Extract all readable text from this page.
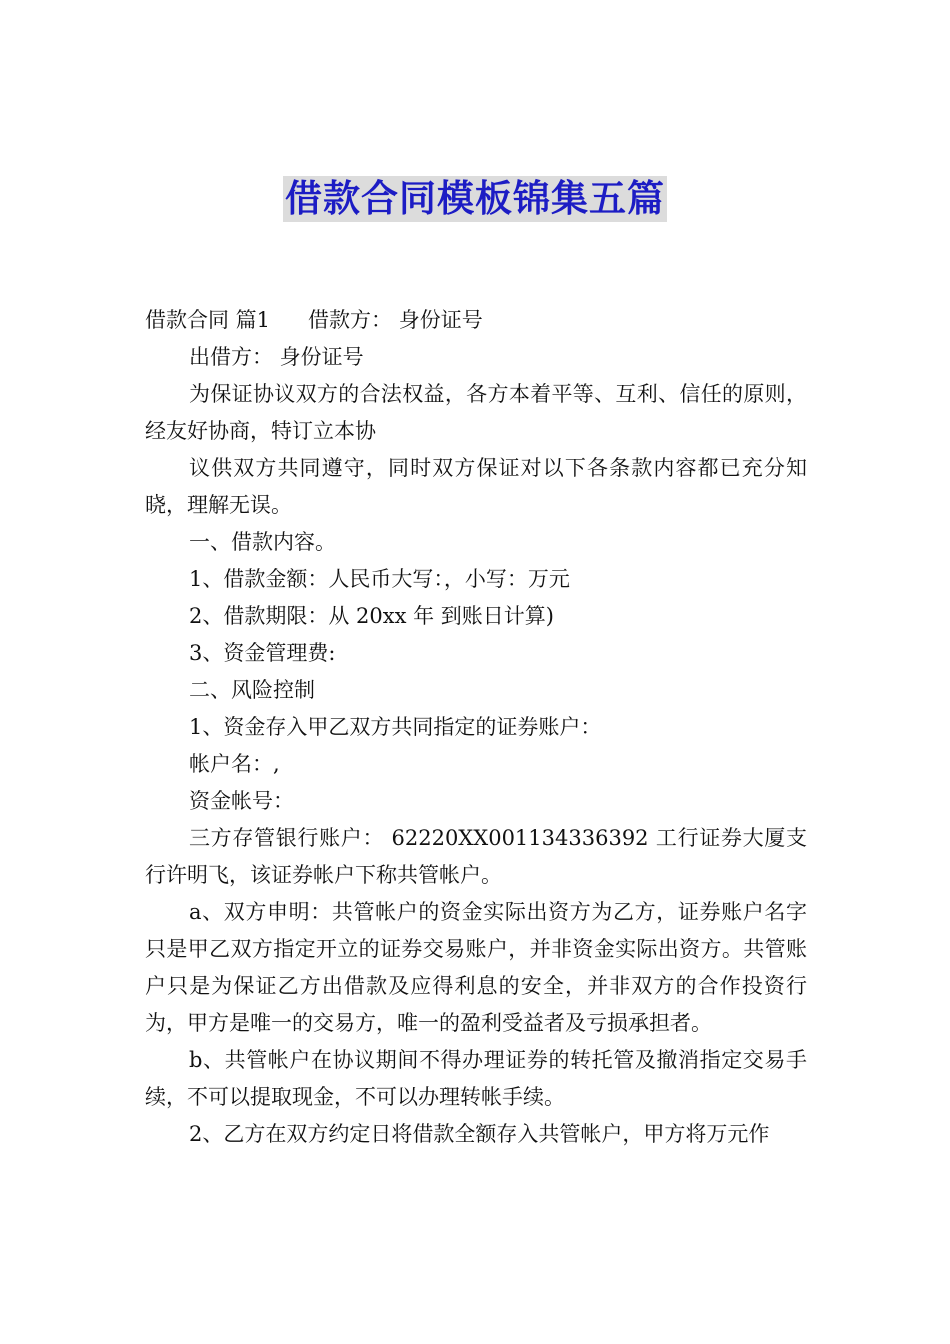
借款合同模板锦集五篇

借款合同 篇1 借款方： 身份证号

出借方： 身份证号

为保证协议双方的合法权益，各方本着平等、互利、信任的原则，经友好协商，特订立本协

议供双方共同遵守，同时双方保证对以下各条款内容都已充分知晓，理解无误。

一、借款内容。

1、借款金额：人民币大写：，小写：万元

2、借款期限：从 20xx 年 到账日计算)

3、资金管理费:

二、风险控制

1、资金存入甲乙双方共同指定的证券账户：

帐户名：,

资金帐号：

三方存管银行账户： 62220XX001134336392 工行证券大厦支行许明飞，该证券帐户下称共管帐户。

a、双方申明：共管帐户的资金实际出资方为乙方，证券账户名字只是甲乙双方指定开立的证券交易账户，并非资金实际出资方。共管账户只是为保证乙方出借款及应得利息的安全，并非双方的合作投资行为，甲方是唯一的交易方，唯一的盈利受益者及亏损承担者。

b、共管帐户在协议期间不得办理证券的转托管及撤消指定交易手续，不可以提取现金，不可以办理转帐手续。

2、乙方在双方约定日将借款全额存入共管帐户，甲方将万元作
